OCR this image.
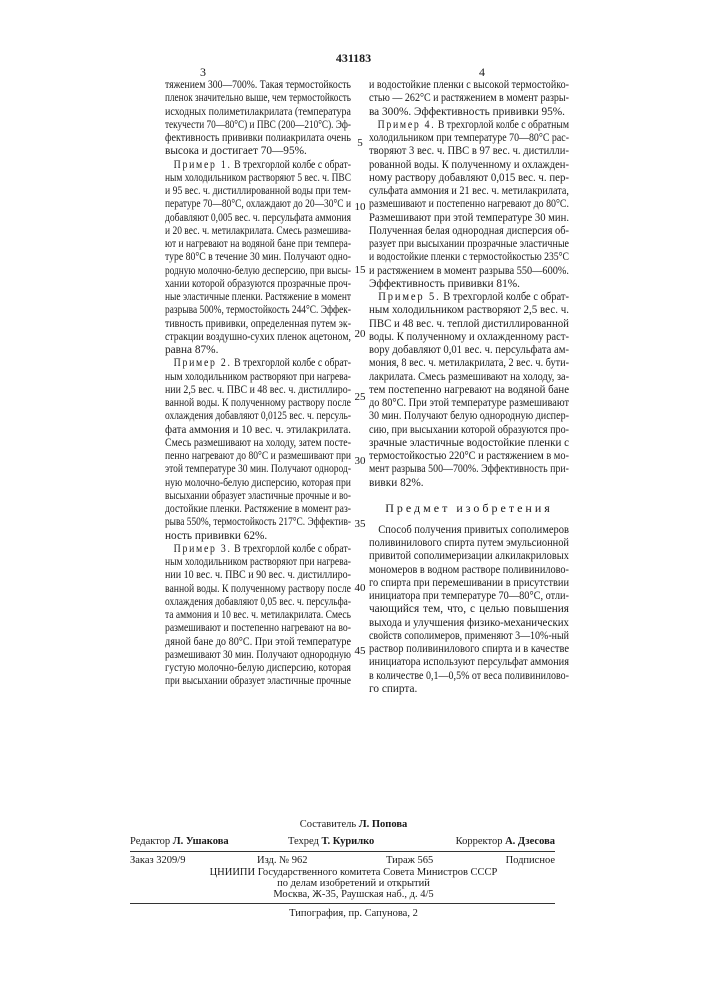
431183
3	4
тяжением 300—700%. Такая термостойкость
пленок значительно выше, чем термостойкость
исходных полиметилакрилата (температура
текучести 70—80°C) и ПВС (200—210°C). Эф-
фективность прививки полиакрилата очень
высока и достигает 70—95%.
Пример 1. В трехгорлой колбе с обрат-
ным холодильником растворяют 5 вес. ч. ПВС
и 95 вес. ч. дистиллированной воды при тем-
пературе 70—80°C, охлаждают до 20—30°C и
добавляют 0,005 вес. ч. персульфата аммония
и 20 вес. ч. метилакрилата. Смесь размешива-
ют и нагревают на водяной бане при темпера-
туре 80°C в течение 30 мин. Получают одно-
родную молочно-белую десперсию, при высы-
хании которой образуются прозрачные проч-
ные эластичные пленки. Растяжение в момент
разрыва 500%, термостойкость 244°C. Эффек-
тивность прививки, определенная путем эк-
стракции воздушно-сухих пленок ацетоном,
равна 87%.
Пример 2. В трехгорлой колбе с обрат-
ным холодильником растворяют при нагрева-
нии 2,5 вес. ч. ПВС и 48 вес. ч. дистиллиро-
ванной воды. К полученному раствору после
охлаждения добавляют 0,0125 вес. ч. персуль-
фата аммония и 10 вес. ч. этилакрилата.
Смесь размешивают на холоду, затем посте-
пенно нагревают до 80°C и размешивают при
этой температуре 30 мин. Получают однород-
ную молочно-белую дисперсию, которая при
высыхании образует эластичные прочные и во-
достойкие пленки. Растяжение в момент раз-
рыва 550%, термостойкость 217°C. Эффектив-
ность прививки 62%.
Пример 3. В трехгорлой колбе с обрат-
ным холодильником растворяют при нагрева-
нии 10 вес. ч. ПВС и 90 вес. ч. дистиллиро-
ванной воды. К полученному раствору после
охлаждения добавляют 0,05 вес. ч. персульфа-
та аммония и 10 вес. ч. метилакрилата. Смесь
размешивают и постепенно нагревают на во-
дяной бане до 80°C. При этой температуре
размешивают 30 мин. Получают однородную
густую молочно-белую дисперсию, которая
при высыхании образует эластичные прочные
и водостойкие пленки с высокой термостойко-
стью — 262°C и растяжением в момент разры-
ва 300%. Эффективность прививки 95%.
Пример 4. В трехгорлой колбе с обратным
холодильником при температуре 70—80°C рас-
творяют 3 вес. ч. ПВС в 97 вес. ч. дистилли-
рованной воды. К полученному и охлажден-
ному раствору добавляют 0,015 вес. ч. пер-
сульфата аммония и 21 вес. ч. метилакрилата,
размешивают и постепенно нагревают до 80°C.
Размешивают при этой температуре 30 мин.
Полученная белая однородная дисперсия об-
разует при высыхании прозрачные эластичные
и водостойкие пленки с термостойкостью 235°C
и растяжением в момент разрыва 550—600%.
Эффективность прививки 81%.
Пример 5. В трехгорлой колбе с обрат-
ным холодильником растворяют 2,5 вес. ч.
ПВС и 48 вес. ч. теплой дистиллированной
воды. К полученному и охлажденному раст-
вору добавляют 0,01 вес. ч. персульфата ам-
мония, 8 вес. ч. метилакрилата, 2 вес. ч. бути-
лакрилата. Смесь размешивают на холоду, за-
тем постепенно нагревают на водяной бане
до 80°C. При этой температуре размешивают
30 мин. Получают белую однородную диспер-
сию, при высыхании которой образуются про-
зрачные эластичные водостойкие пленки с
термостойкостью 220°C и растяжением в мо-
мент разрыва 500—700%. Эффективность при-
вивки 82%.
Предмет изобретения
Способ получения привитых сополимеров
поливинилового спирта путем эмульсионной
привитой сополимеризации алкилакриловых
мономеров в водном растворе поливинилово-
го спирта при перемешивании в присутствии
инициатора при температуре 70—80°C, отли-
чающийся тем, что, с целью повышения
выхода и улучшения физико-механических
свойств сополимеров, применяют 3—10%-ный
раствор поливинилового спирта и в качестве
инициатора используют персульфат аммония
в количестве 0,1—0,5% от веса поливинилово-
го спирта.
5
10
15
20
25
30
35
40
45
Составитель Л. Попова
Редактор Л. Ушакова	Техред Т. Курилко	Корректор А. Дзесова
Заказ 3209/9	Изд. № 962	Тираж 565	Подписное
ЦНИИПИ Государственного комитета Совета Министров СССР
по делам изобретений и открытий
Москва, Ж-35, Раушская наб., д. 4/5
Типография, пр. Сапунова, 2
